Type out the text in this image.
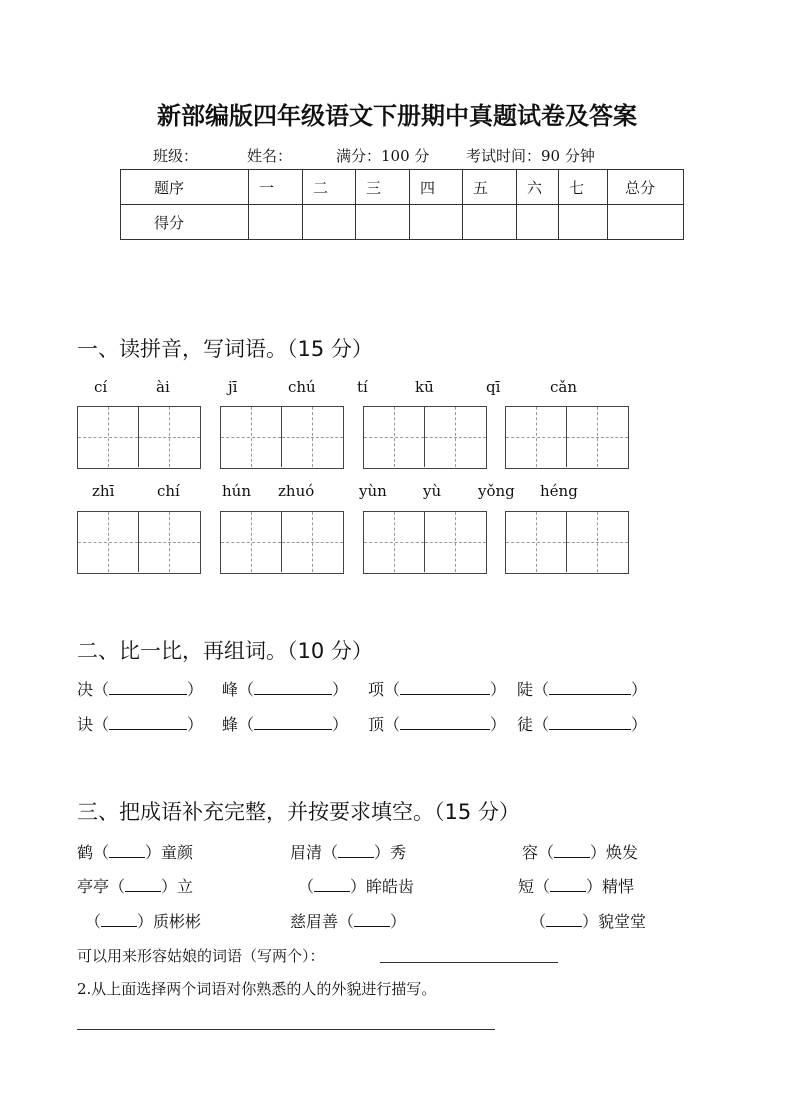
新部编版四年级语文下册期中真题试卷及答案
班级：	姓名：	满分：100 分 考试时间：90 分钟
题序	一	二	三	四	五	六	七	总分
得分								
一、读拼音，写词语。（15 分）
cí	ài	jī	chú	tí	kū	qī	cǎn
zhī	chí	hún zhuó	yùn yù yǒng héng
二、比一比，再组词。（10 分）
决（	） 峰（	） 项（	） 陡（	）
诀（	） 蜂（	） 顶（	） 徒（	）
三、把成语补充完整，并按要求填空。（15 分）
鹤（ ）童颜	眉清（ ）秀	容（ ）焕发
亭亭（ ）立	（ ）眸皓齿	短（ ）精悍
（ ）质彬彬	慈眉善（ ）	（ ）貌堂堂
可以用来形容姑娘的词语（写两个）：
2.从上面选择两个词语对你熟悉的人的外貌进行描写。
